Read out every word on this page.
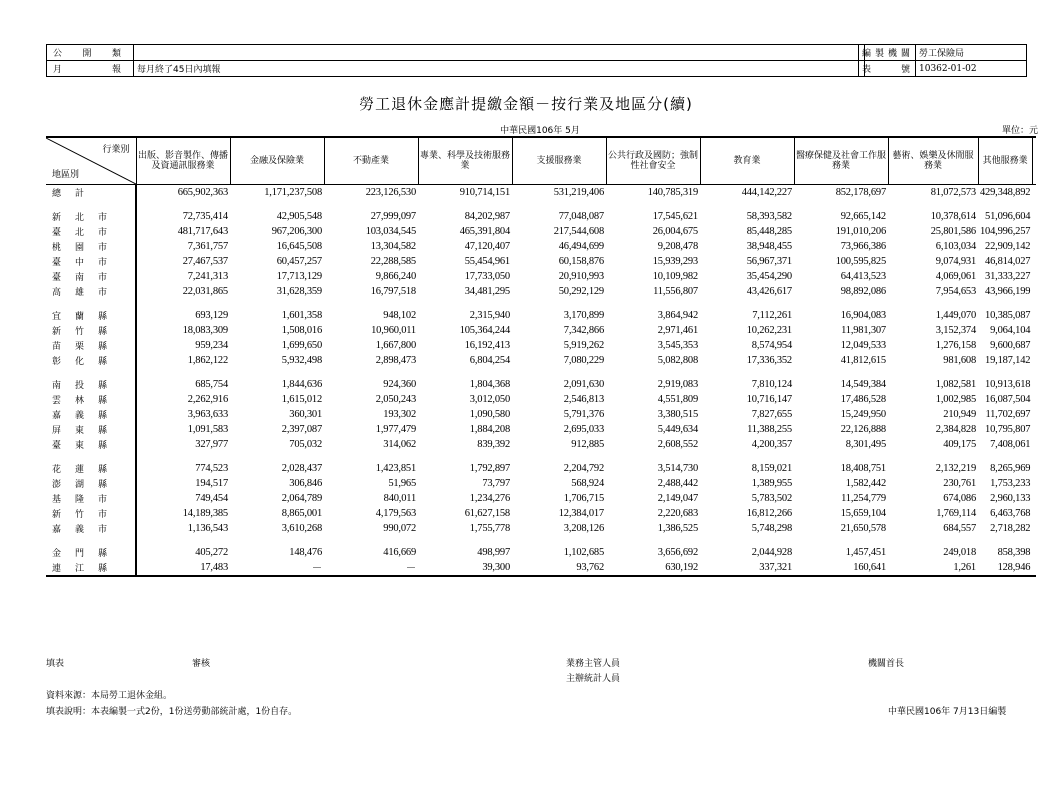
公開類	
月報	每月終了45日內填報
編製機關	勞工保險局
表號	10362-01-02
勞工退休金應計提繳金額－按行業及地區分(續)
中華民國106年 5月	單位：元
行業別
地區別	出版、影音製作、傳播及資通訊服務業	金融及保險業	不動產業	專業、科學及技術服務業	支援服務業	公共行政及國防；強制性社會安全	教育業	醫療保健及社會工作服務業	藝術、娛樂及休閒服務業	其他服務業	
總計	665,902,363	1,171,237,508	223,126,530	910,714,151	531,219,406	140,785,319	444,142,227	852,178,697	81,072,573	429,348,892	

新北市	72,735,414	42,905,548	27,999,097	84,202,987	77,048,087	17,545,621	58,393,582	92,665,142	10,378,614	51,096,604	
臺北市	481,717,643	967,206,300	103,034,545	465,391,804	217,544,608	26,004,675	85,448,285	191,010,206	25,801,586	104,996,257	
桃園市	7,361,757	16,645,508	13,304,582	47,120,407	46,494,699	9,208,478	38,948,455	73,966,386	6,103,034	22,909,142	
臺中市	27,467,537	60,457,257	22,288,585	55,454,961	60,158,876	15,939,293	56,967,371	100,595,825	9,074,931	46,814,027	
臺南市	7,241,313	17,713,129	9,866,240	17,733,050	20,910,993	10,109,982	35,454,290	64,413,523	4,069,061	31,333,227	
高雄市	22,031,865	31,628,359	16,797,518	34,481,295	50,292,129	11,556,807	43,426,617	98,892,086	7,954,653	43,966,199	

宜蘭縣	693,129	1,601,358	948,102	2,315,940	3,170,899	3,864,942	7,112,261	16,904,083	1,449,070	10,385,087	
新竹縣	18,083,309	1,508,016	10,960,011	105,364,244	7,342,866	2,971,461	10,262,231	11,981,307	3,152,374	9,064,104	
苗栗縣	959,234	1,699,650	1,667,800	16,192,413	5,919,262	3,545,353	8,574,954	12,049,533	1,276,158	9,600,687	
彰化縣	1,862,122	5,932,498	2,898,473	6,804,254	7,080,229	5,082,808	17,336,352	41,812,615	981,608	19,187,142	

南投縣	685,754	1,844,636	924,360	1,804,368	2,091,630	2,919,083	7,810,124	14,549,384	1,082,581	10,913,618	
雲林縣	2,262,916	1,615,012	2,050,243	3,012,050	2,546,813	4,551,809	10,716,147	17,486,528	1,002,985	16,087,504	
嘉義縣	3,963,633	360,301	193,302	1,090,580	5,791,376	3,380,515	7,827,655	15,249,950	210,949	11,702,697	
屏東縣	1,091,583	2,397,087	1,977,479	1,884,208	2,695,033	5,449,634	11,388,255	22,126,888	2,384,828	10,795,807	
臺東縣	327,977	705,032	314,062	839,392	912,885	2,608,552	4,200,357	8,301,495	409,175	7,408,061	

花蓮縣	774,523	2,028,437	1,423,851	1,792,897	2,204,792	3,514,730	8,159,021	18,408,751	2,132,219	8,265,969	
澎湖縣	194,517	306,846	51,965	73,797	568,924	2,488,442	1,389,955	1,582,442	230,761	1,753,233	
基隆市	749,454	2,064,789	840,011	1,234,276	1,706,715	2,149,047	5,783,502	11,254,779	674,086	2,960,133	
新竹市	14,189,385	8,865,001	4,179,563	61,627,158	12,384,017	2,220,683	16,812,266	15,659,104	1,769,114	6,463,768	
嘉義市	1,136,543	3,610,268	990,072	1,755,778	3,208,126	1,386,525	5,748,298	21,650,578	684,557	2,718,282	

金門縣	405,272	148,476	416,669	498,997	1,102,685	3,656,692	2,044,928	1,457,451	249,018	858,398	
連江縣	17,483	－	－	39,300	93,762	630,192	337,321	160,641	1,261	128,946	
填表	審核	業務主管人員
主辦統計人員
機關首長
資料來源：本局勞工退休金組。
填表說明：本表編製一式2份，1份送勞動部統計處，1份自存。	中華民國106年 7月13日編製
